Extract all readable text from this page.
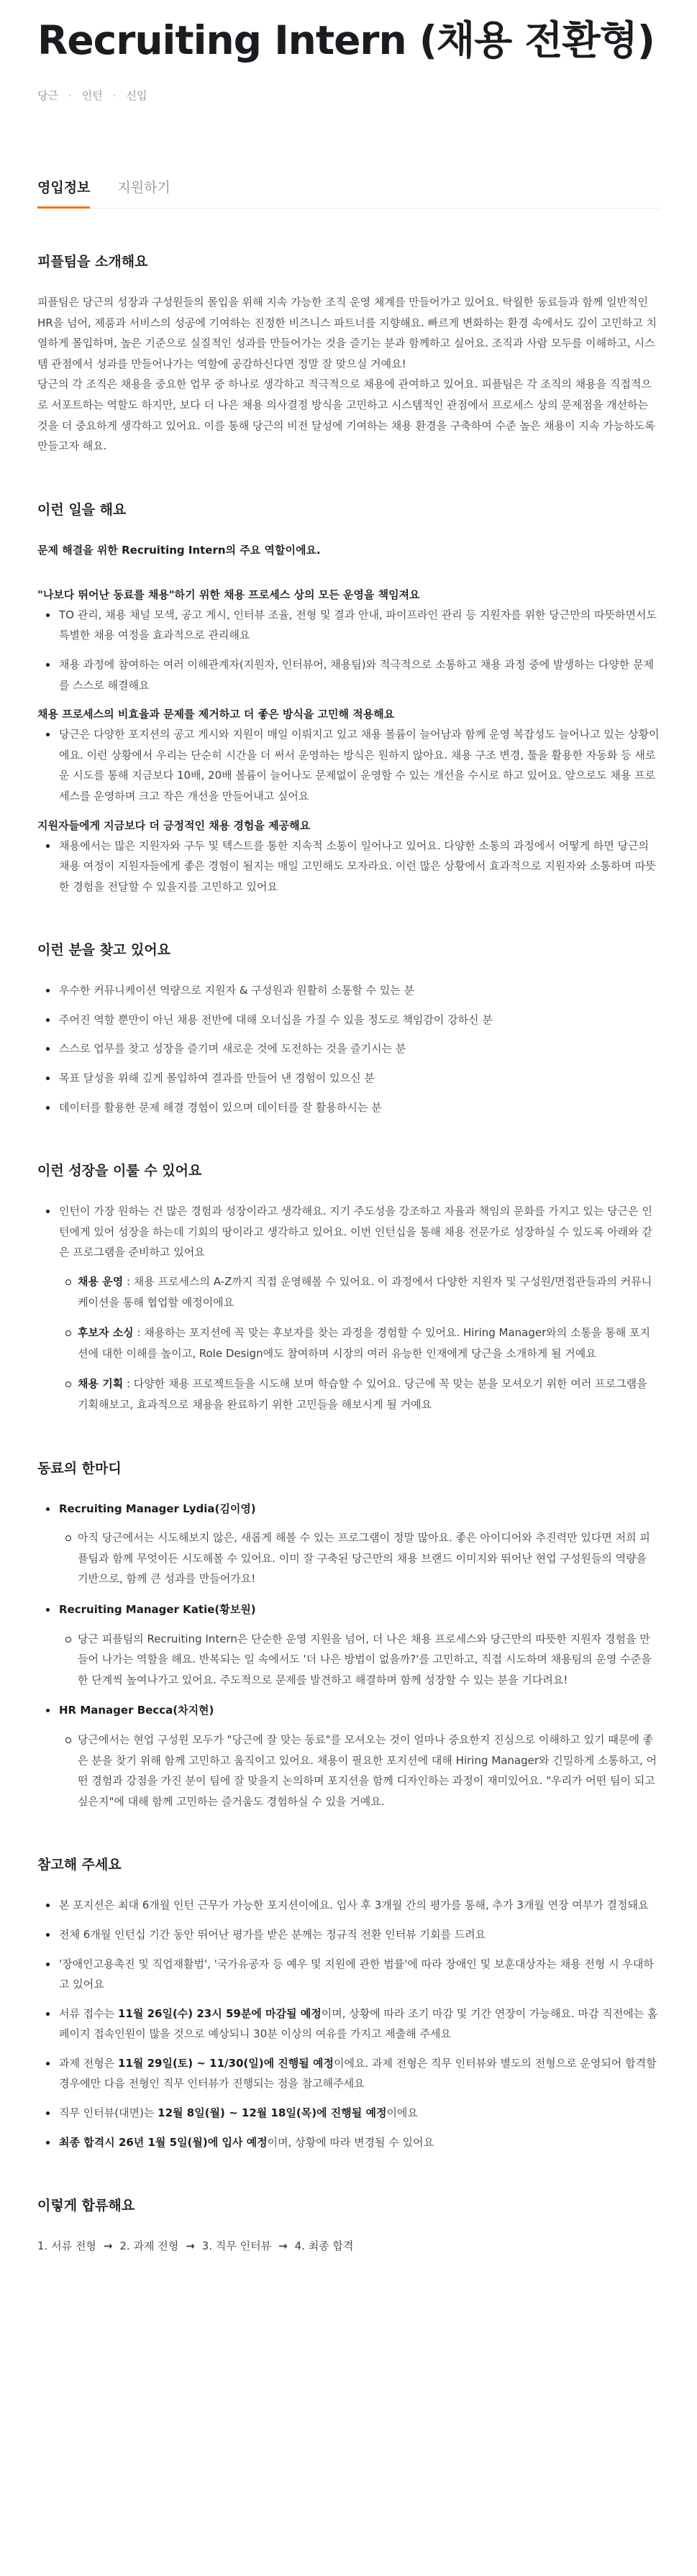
Recruiting Intern (채용 전환형)
당근 · 인턴 · 신입
영입정보 지원하기
피플팀을 소개해요

피플팀은 당근의 성장과 구성원들의 몰입을 위해 지속 가능한 조직 운영 체계를 만들어가고 있어요. 탁월한 동료들과 함께 일반적인 HR을 넘어, 제품과 서비스의 성공에 기여하는 진정한 비즈니스 파트너를 지향해요. 빠르게 변화하는 환경 속에서도 깊이 고민하고 치열하게 몰입하며, 높은 기준으로 실질적인 성과를 만들어가는 것을 즐기는 분과 함께하고 싶어요. 조직과 사람 모두를 이해하고, 시스템 관점에서 성과를 만들어나가는 역할에 공감하신다면 정말 잘 맞으실 거예요!

당근의 각 조직은 채용을 중요한 업무 중 하나로 생각하고 적극적으로 채용에 관여하고 있어요. 피플팀은 각 조직의 채용을 직접적으로 서포트하는 역할도 하지만, 보다 더 나은 채용 의사결정 방식을 고민하고 시스템적인 관점에서 프로세스 상의 문제점을 개선하는 것을 더 중요하게 생각하고 있어요. 이를 통해 당근의 비전 달성에 기여하는 채용 환경을 구축하여 수준 높은 채용이 지속 가능하도록 만들고자 해요.

이런 일을 해요
문제 해결을 위한 Recruiting Intern의 주요 역할이에요.
"나보다 뛰어난 동료를 채용"하기 위한 채용 프로세스 상의 모든 운영을 책임져요
TO 관리, 채용 채널 모색, 공고 게시, 인터뷰 조율, 전형 및 결과 안내, 파이프라인 관리 등 지원자를 위한 당근만의 따뜻하면서도 특별한 채용 여정을 효과적으로 관리해요
채용 과정에 참여하는 여러 이해관계자(지원자, 인터뷰어, 채용팀)와 적극적으로 소통하고 채용 과정 중에 발생하는 다양한 문제를 스스로 해결해요
채용 프로세스의 비효율과 문제를 제거하고 더 좋은 방식을 고민해 적용해요
당근은 다양한 포지션의 공고 게시와 지원이 매일 이뤄지고 있고 채용 볼륨이 늘어남과 함께 운영 복잡성도 늘어나고 있는 상황이에요. 이런 상황에서 우리는 단순히 시간을 더 써서 운영하는 방식은 원하지 않아요. 채용 구조 변경, 툴을 활용한 자동화 등 새로운 시도를 통해 지금보다 10배, 20배 볼륨이 늘어나도 문제없이 운영할 수 있는 개선을 수시로 하고 있어요. 앞으로도 채용 프로세스를 운영하며 크고 작은 개선을 만들어내고 싶어요
지원자들에게 지금보다 더 긍정적인 채용 경험을 제공해요
채용에서는 많은 지원자와 구두 및 텍스트를 통한 지속적 소통이 일어나고 있어요. 다양한 소통의 과정에서 어떻게 하면 당근의 채용 여정이 지원자들에게 좋은 경험이 될지는 매일 고민해도 모자라요. 이런 많은 상황에서 효과적으로 지원자와 소통하며 따뜻한 경험을 전달할 수 있을지를 고민하고 있어요
이런 분을 찾고 있어요
우수한 커뮤니케이션 역량으로 지원자 & 구성원과 원활히 소통할 수 있는 분
주어진 역할 뿐만이 아닌 채용 전반에 대해 오너십을 가질 수 있을 정도로 책임감이 강하신 분
스스로 업무를 찾고 성장을 즐기며 새로운 것에 도전하는 것을 즐기시는 분
목표 달성을 위해 깊게 몰입하여 결과를 만들어 낸 경험이 있으신 분
데이터를 활용한 문제 해결 경험이 있으며 데이터를 잘 활용하시는 분
이런 성장을 이룰 수 있어요
인턴이 가장 원하는 건 많은 경험과 성장이라고 생각해요. 지기 주도성을 강조하고 자율과 책임의 문화를 가지고 있는 당근은 인턴에게 있어 성장을 하는데 기회의 땅이라고 생각하고 있어요. 이번 인턴십을 통해 채용 전문가로 성장하실 수 있도록 아래와 같은 프로그램을 준비하고 있어요
채용 운영 : 채용 프로세스의 A-Z까지 직접 운영해볼 수 있어요. 이 과정에서 다양한 지원자 및 구성원/면접관들과의 커뮤니케이션을 통해 협업할 예정이에요
후보자 소싱 : 채용하는 포지션에 꼭 맞는 후보자를 찾는 과정을 경험할 수 있어요. Hiring Manager와의 소통을 통해 포지션에 대한 이해를 높이고, Role Design에도 참여하며 시장의 여러 유능한 인재에게 당근을 소개하게 될 거예요
채용 기획 : 다양한 채용 프로젝트들을 시도해 보며 학습할 수 있어요. 당근에 꼭 맞는 분을 모셔오기 위한 여러 프로그램을 기획해보고, 효과적으로 채용을 완료하기 위한 고민들을 해보시게 될 거예요
동료의 한마디
Recruiting Manager Lydia(김이영)
아직 당근에서는 시도해보지 않은, 새롭게 해볼 수 있는 프로그램이 정말 많아요. 좋은 아이디어와 추진력만 있다면 저희 피플팀과 함께 무엇이든 시도해볼 수 있어요. 이미 잘 구축된 당근만의 채용 브랜드 이미지와 뛰어난 현업 구성원들의 역량을 기반으로, 함께 큰 성과를 만들어가요!
Recruiting Manager Katie(황보원)
당근 피플팀의 Recruiting Intern은 단순한 운영 지원을 넘어, 더 나은 채용 프로세스와 당근만의 따뜻한 지원자 경험을 만들어 나가는 역할을 해요. 반복되는 일 속에서도 '더 나은 방법이 없을까?'를 고민하고, 직접 시도하며 채용팀의 운영 수준을 한 단계씩 높여나가고 있어요. 주도적으로 문제를 발견하고 해결하며 함께 성장할 수 있는 분을 기다려요!
HR Manager Becca(차지현)
당근에서는 현업 구성원 모두가 "당근에 잘 맞는 동료"를 모셔오는 것이 얼마나 중요한지 진심으로 이해하고 있기 때문에 좋은 분을 찾기 위해 함께 고민하고 움직이고 있어요. 채용이 필요한 포지션에 대해 Hiring Manager와 긴밀하게 소통하고, 어떤 경험과 강점을 가진 분이 팀에 잘 맞을지 논의하며 포지션을 함께 디자인하는 과정이 재미있어요. "우리가 어떤 팀이 되고 싶은지"에 대해 함께 고민하는 즐거움도 경험하실 수 있을 거예요.
참고해 주세요
본 포지션은 최대 6개월 인턴 근무가 가능한 포지션이에요. 입사 후 3개월 간의 평가를 통해, 추가 3개월 연장 여부가 결정돼요
전체 6개월 인턴십 기간 동안 뛰어난 평가를 받은 분께는 정규직 전환 인터뷰 기회를 드려요
'장애인고용촉진 및 직업재활법', '국가유공자 등 예우 및 지원에 관한 법률'에 따라 장애인 및 보훈대상자는 채용 전형 시 우대하고 있어요
서류 접수는 11월 26일(수) 23시 59분에 마감될 예정이며, 상황에 따라 조기 마감 및 기간 연장이 가능해요. 마감 직전에는 홈페이지 접속인원이 많을 것으로 예상되니 30분 이상의 여유를 가지고 제출해 주세요
과제 전형은 11월 29일(토) ~ 11/30(일)에 진행될 예정이에요. 과제 전형은 직무 인터뷰와 별도의 전형으로 운영되어 합격할 경우에만 다음 전형인 직무 인터뷰가 진행되는 점을 참고해주세요
직무 인터뷰(대면)는 12월 8일(월) ~ 12월 18일(목)에 진행될 예정이에요
최종 합격시 26년 1월 5일(월)에 입사 예정이며, 상황에 따라 변경될 수 있어요
이렇게 합류해요
1. 서류 전형 → 2. 과제 전형 → 3. 직무 인터뷰 → 4. 최종 합격
